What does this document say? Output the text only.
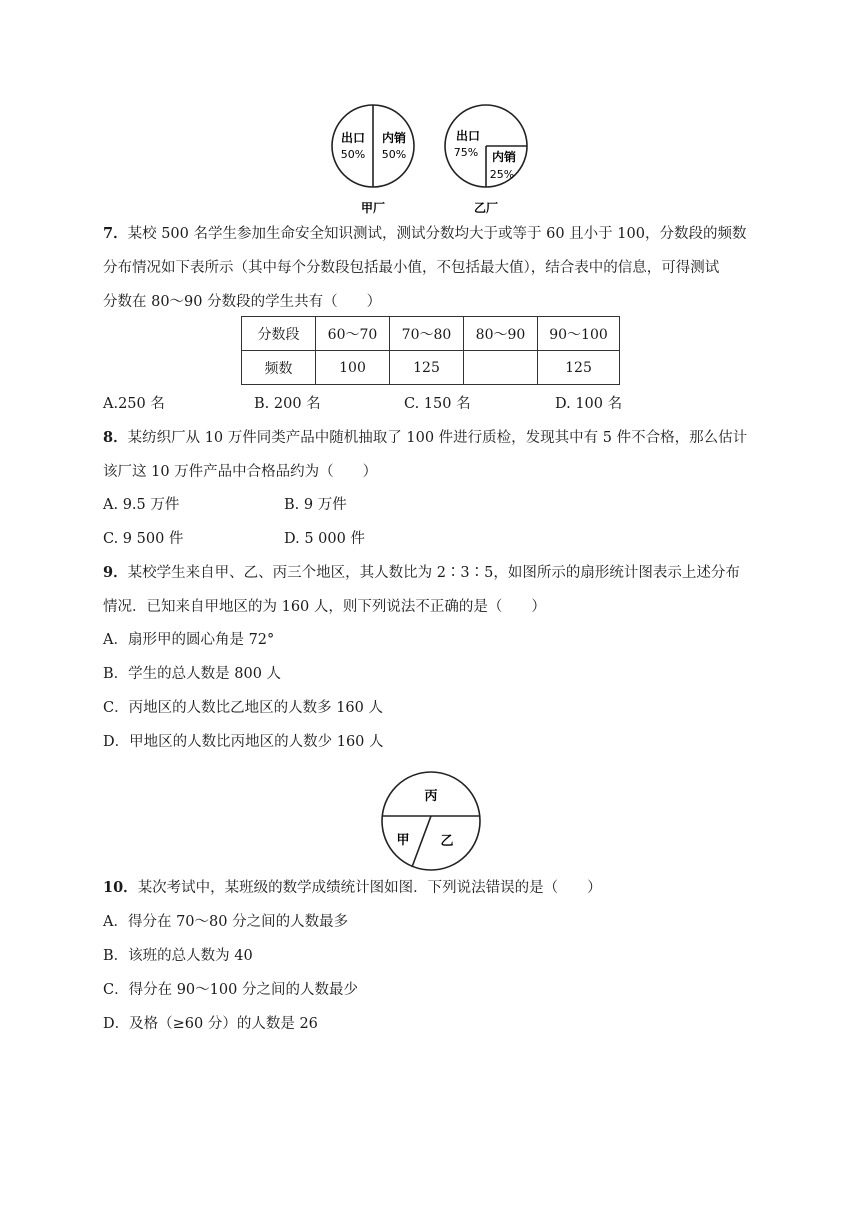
出口
50%
内销
50%
甲厂
出口
75% 内销
25%
乙厂
7．某校 500 名学生参加生命安全知识测试，测试分数均大于或等于 60 且小于 100，分数段的频数
分布情况如下表所示（其中每个分数段包括最小值，不包括最大值），结合表中的信息，可得测试
分数在 80～90 分数段的学生共有（　　）
分数段	60～70	70～80	80～90	90～100
频数	100	125		125
A.250 名	B. 200 名	C. 150 名	D. 100 名
8．某纺织厂从 10 万件同类产品中随机抽取了 100 件进行质检，发现其中有 5 件不合格，那么估计
该厂这 10 万件产品中合格品约为（　　）
A. 9.5 万件	B. 9 万件
C. 9 500 件	D. 5 000 件
9．某校学生来自甲、乙、丙三个地区，其人数比为 2∶3∶5，如图所示的扇形统计图表示上述分布
情况．已知来自甲地区的为 160 人，则下列说法不正确的是（　　）
A．扇形甲的圆心角是 72°
B．学生的总人数是 800 人
C．丙地区的人数比乙地区的人数多 160 人
D．甲地区的人数比丙地区的人数少 160 人
丙
甲 乙
10．某次考试中，某班级的数学成绩统计图如图．下列说法错误的是（　　）
A．得分在 70～80 分之间的人数最多
B．该班的总人数为 40
C．得分在 90～100 分之间的人数最少
D．及格（≥60 分）的人数是 26
